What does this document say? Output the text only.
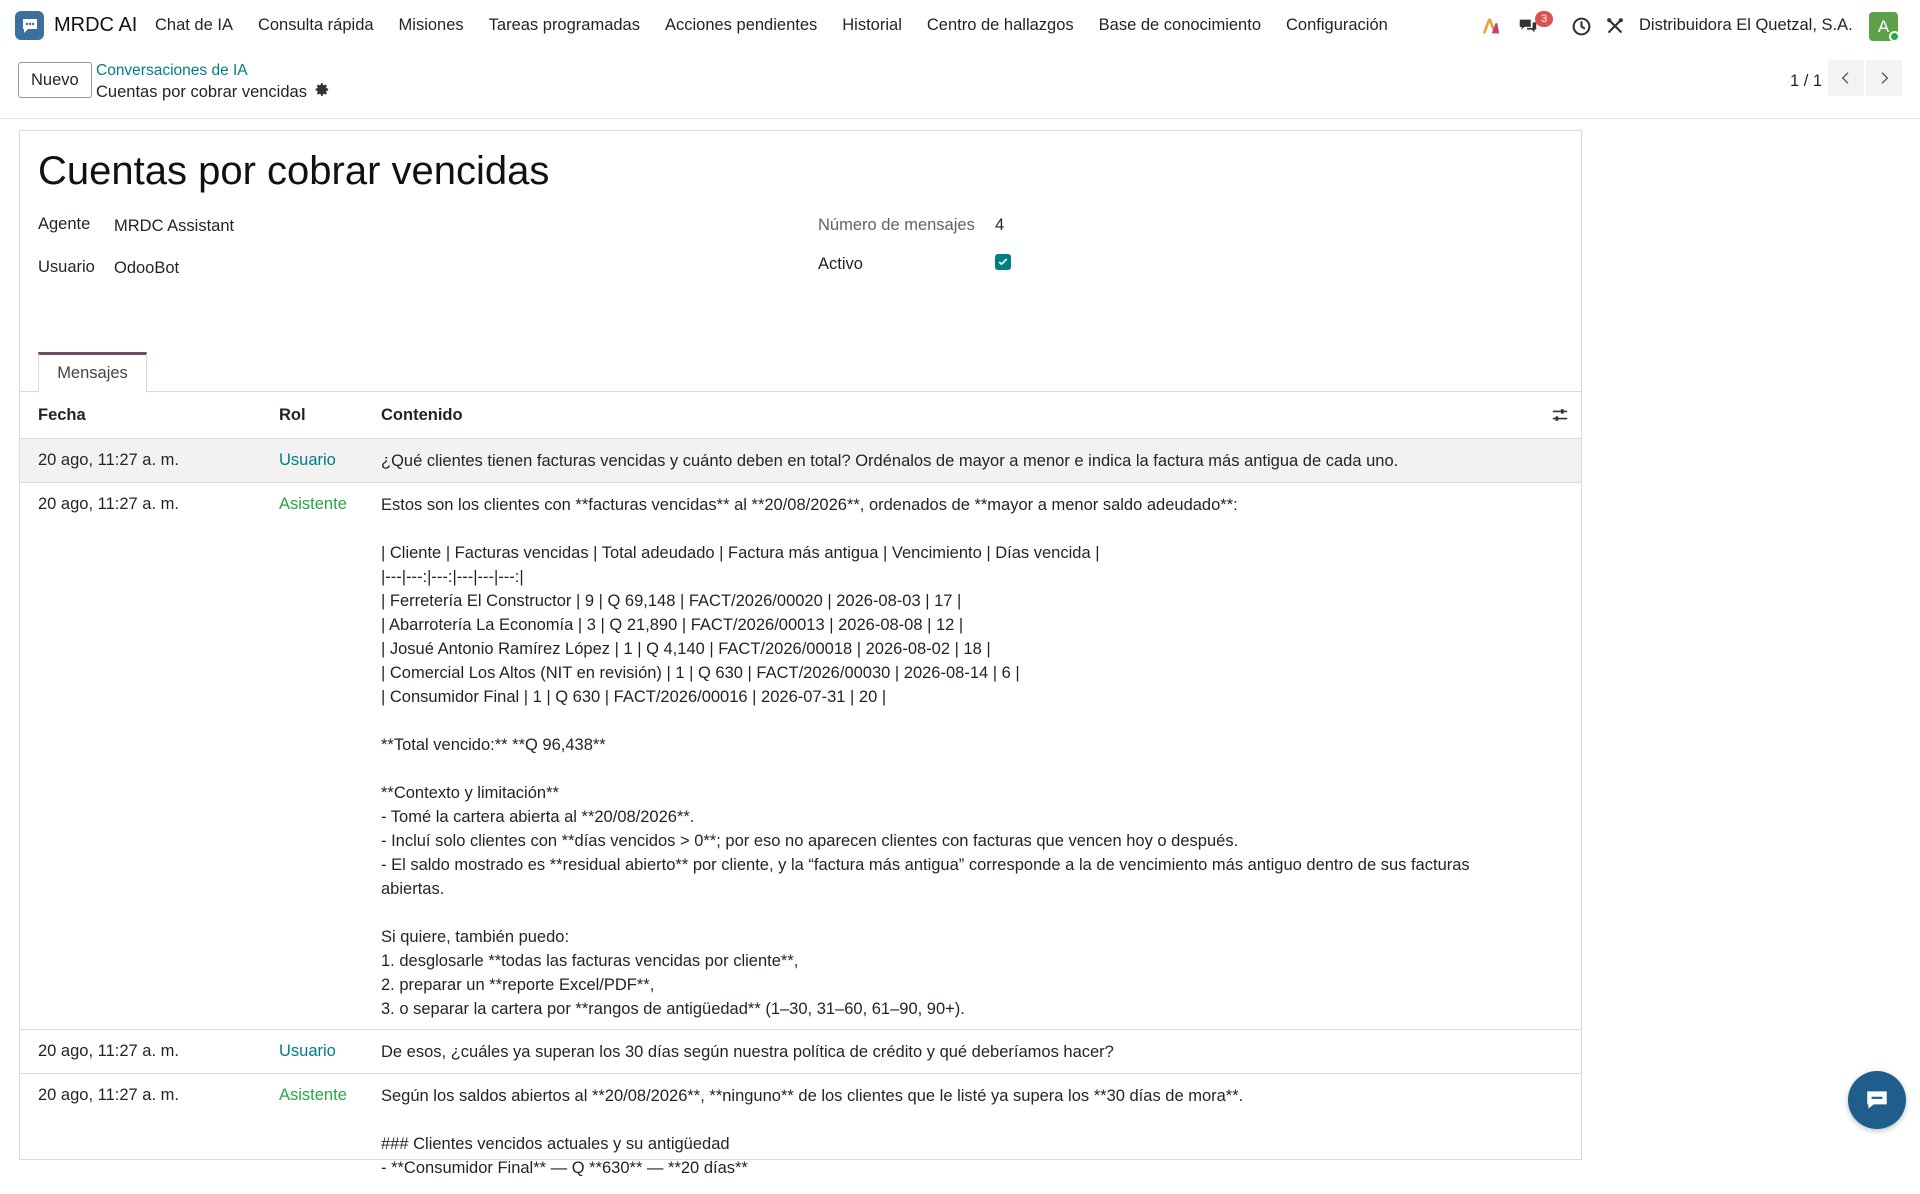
MRDC AI Chat de IA Consulta rápida Misiones Tareas programadas Acciones pendientes Historial Centro de hallazgos Base de conocimiento Configuración	3	Distribuidora El Quetzal, S.A.	A
Nuevo	Conversaciones de IA
Cuentas por cobrar vencidas
1 / 1
Cuentas por cobrar vencidas
Agente MRDC Assistant
Usuario OdooBot
Número de mensajes 4
Activo
Mensajes
Fecha	Rol	Contenido
20 ago, 11:27 a. m.	Usuario	¿Qué clientes tienen facturas vencidas y cuánto deben en total? Ordénalos de mayor a menor e indica la factura más antigua de cada uno.
20 ago, 11:27 a. m.	Asistente Estos son los clientes con **facturas vencidas** al **20/08/2026**, ordenados de **mayor a menor saldo adeudado**:

| Cliente | Facturas vencidas | Total adeudado | Factura más antigua | Vencimiento | Días vencida |
|---|---:|---:|---|---|---:|
| Ferretería El Constructor | 9 | Q 69,148 | FACT/2026/00020 | 2026-08-03 | 17 |
| Abarrotería La Economía | 3 | Q 21,890 | FACT/2026/00013 | 2026-08-08 | 12 |
| Josué Antonio Ramírez López | 1 | Q 4,140 | FACT/2026/00018 | 2026-08-02 | 18 |
| Comercial Los Altos (NIT en revisión) | 1 | Q 630 | FACT/2026/00030 | 2026-08-14 | 6 |
| Consumidor Final | 1 | Q 630 | FACT/2026/00016 | 2026-07-31 | 20 |

**Total vencido:** **Q 96,438**

**Contexto y limitación**
- Tomé la cartera abierta al **20/08/2026**.
- Incluí solo clientes con **días vencidos > 0**; por eso no aparecen clientes con facturas que vencen hoy o después.
- El saldo mostrado es **residual abierto** por cliente, y la “factura más antigua” corresponde a la de vencimiento más antiguo dentro de sus facturas abiertas.

Si quiere, también puedo:
1. desglosarle **todas las facturas vencidas por cliente**,
2. preparar un **reporte Excel/PDF**,
3. o separar la cartera por **rangos de antigüedad** (1–30, 31–60, 61–90, 90+).
20 ago, 11:27 a. m.	Usuario	De esos, ¿cuáles ya superan los 30 días según nuestra política de crédito y qué deberíamos hacer?
20 ago, 11:27 a. m.	Asistente Según los saldos abiertos al **20/08/2026**, **ninguno** de los clientes que le listé ya supera los **30 días de mora**.

### Clientes vencidos actuales y su antigüedad
- **Consumidor Final** — Q **630** — **20 días**
